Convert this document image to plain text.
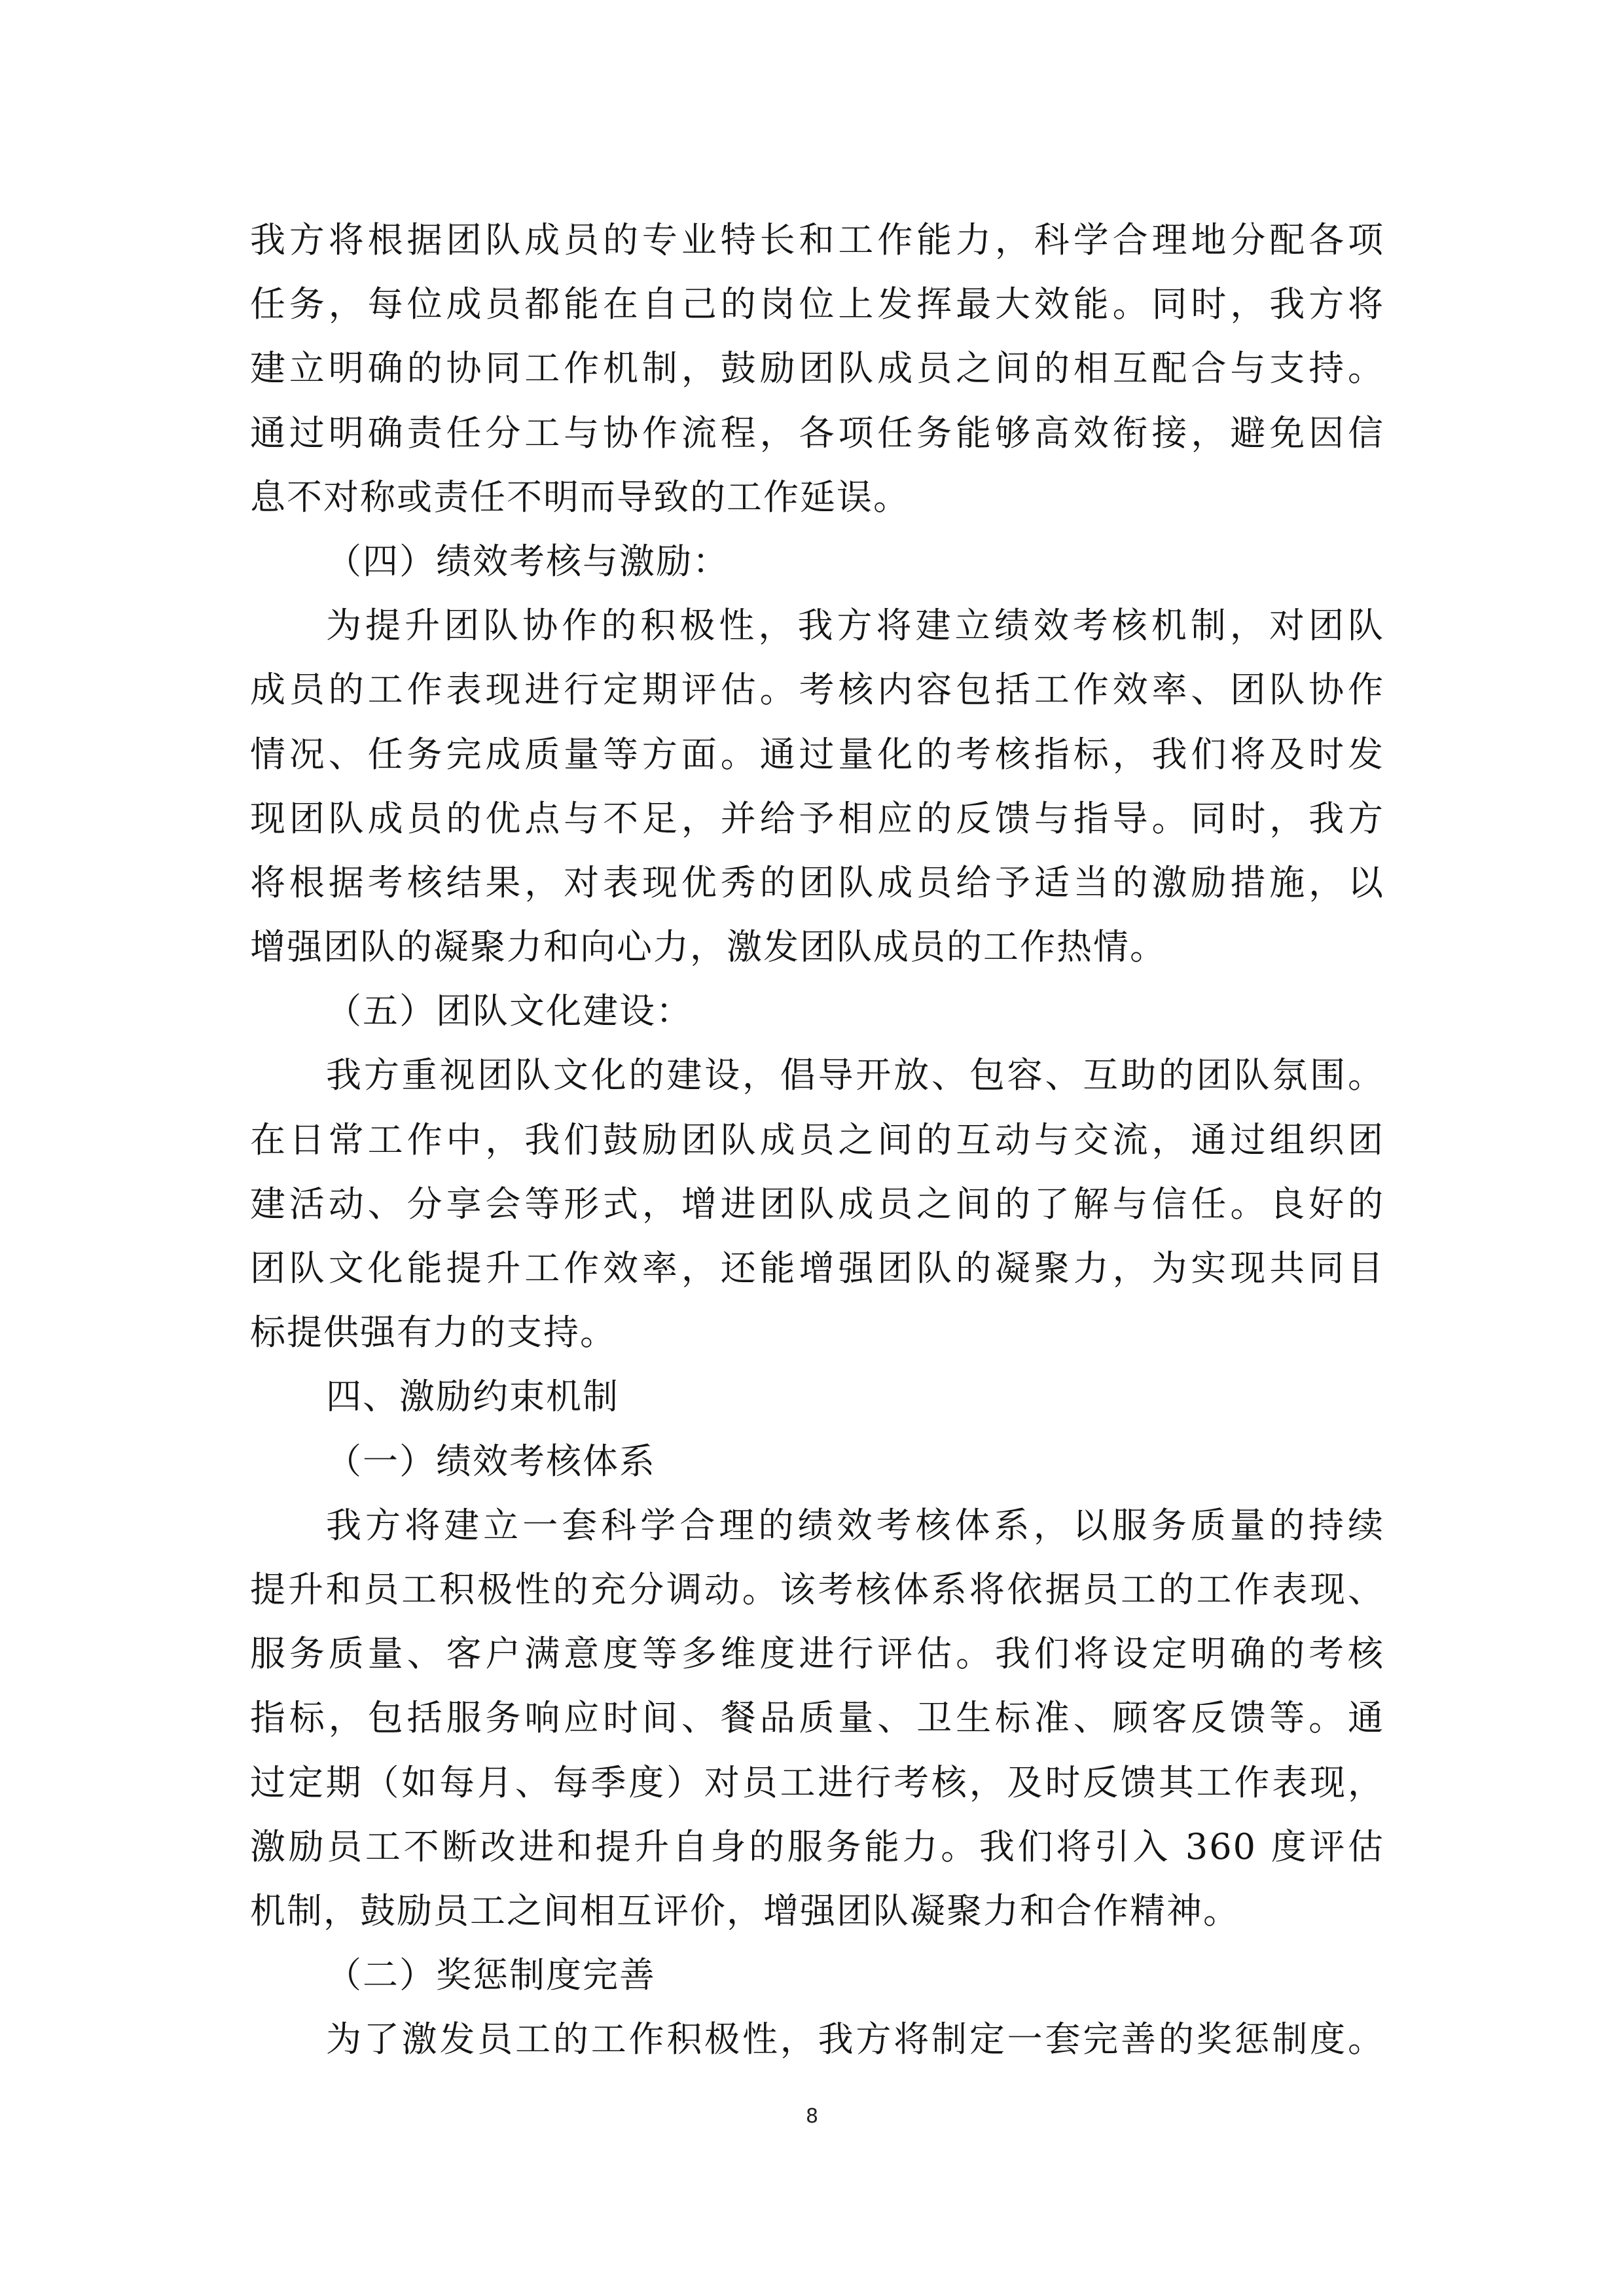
我方将根据团队成员的专业特长和工作能力，科学合理地分配各项
任务，每位成员都能在自己的岗位上发挥最大效能。同时，我方将
建立明确的协同工作机制，鼓励团队成员之间的相互配合与支持。
通过明确责任分工与协作流程，各项任务能够高效衔接，避免因信
息不对称或责任不明而导致的工作延误。
（四）绩效考核与激励：
为提升团队协作的积极性，我方将建立绩效考核机制，对团队
成员的工作表现进行定期评估。考核内容包括工作效率、团队协作
情况、任务完成质量等方面。通过量化的考核指标，我们将及时发
现团队成员的优点与不足，并给予相应的反馈与指导。同时，我方
将根据考核结果，对表现优秀的团队成员给予适当的激励措施，以
增强团队的凝聚力和向心力，激发团队成员的工作热情。
（五）团队文化建设：
我方重视团队文化的建设，倡导开放、包容、互助的团队氛围。
在日常工作中，我们鼓励团队成员之间的互动与交流，通过组织团
建活动、分享会等形式，增进团队成员之间的了解与信任。良好的
团队文化能提升工作效率，还能增强团队的凝聚力，为实现共同目
标提供强有力的支持。
四、激励约束机制
（一）绩效考核体系
我方将建立一套科学合理的绩效考核体系，以服务质量的持续
提升和员工积极性的充分调动。该考核体系将依据员工的工作表现、
服务质量、客户满意度等多维度进行评估。我们将设定明确的考核
指标，包括服务响应时间、餐品质量、卫生标准、顾客反馈等。通
过定期（如每月、每季度）对员工进行考核，及时反馈其工作表现，
激励员工不断改进和提升自身的服务能力。我们将引入 360 度评估
机制，鼓励员工之间相互评价，增强团队凝聚力和合作精神。
（二）奖惩制度完善
为了激发员工的工作积极性，我方将制定一套完善的奖惩制度。
8
